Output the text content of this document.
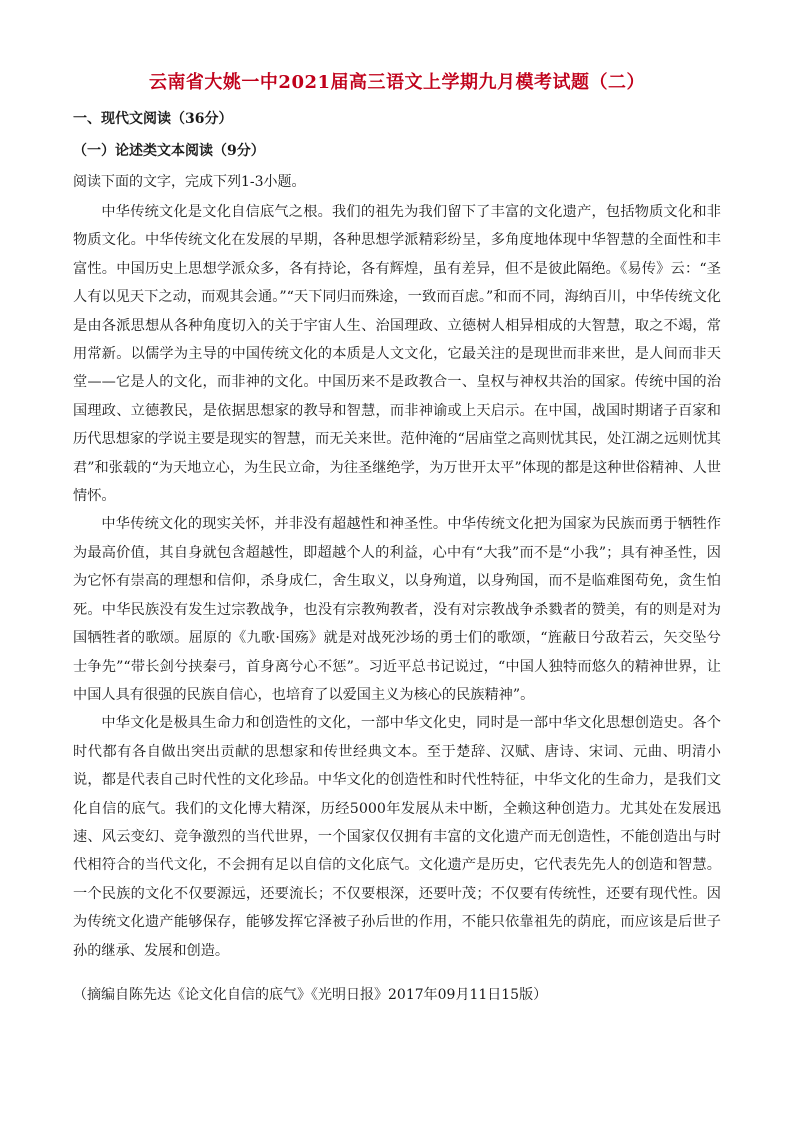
云南省大姚一中2021届高三语文上学期九月模考试题（二）
一、现代文阅读（36分）
（一）论述类文本阅读（9分）
阅读下面的文字，完成下列1-3小题。

中华传统文化是文化自信底气之根。我们的祖先为我们留下了丰富的文化遗产，包括物质文化和非物质文化。中华传统文化在发展的早期，各种思想学派精彩纷呈，多角度地体现中华智慧的全面性和丰富性。中国历史上思想学派众多，各有持论，各有辉煌，虽有差异，但不是彼此隔绝。《易传》云：“圣人有以见天下之动，而观其会通。”“天下同归而殊途，一致而百虑。”和而不同，海纳百川，中华传统文化是由各派思想从各种角度切入的关于宇宙人生、治国理政、立德树人相异相成的大智慧，取之不竭，常用常新。以儒学为主导的中国传统文化的本质是人文文化，它最关注的是现世而非来世，是人间而非天堂——它是人的文化，而非神的文化。中国历来不是政教合一、皇权与神权共治的国家。传统中国的治国理政、立德教民，是依据思想家的教导和智慧，而非神谕或上天启示。在中国，战国时期诸子百家和历代思想家的学说主要是现实的智慧，而无关来世。范仲淹的“居庙堂之高则忧其民，处江湖之远则忧其君”和张载的“为天地立心，为生民立命，为往圣继绝学，为万世开太平”体现的都是这种世俗精神、人世情怀。

中华传统文化的现实关怀，并非没有超越性和神圣性。中华传统文化把为国家为民族而勇于牺牲作为最高价值，其自身就包含超越性，即超越个人的利益，心中有“大我”而不是“小我”；具有神圣性，因为它怀有崇高的理想和信仰，杀身成仁，舍生取义，以身殉道，以身殉国，而不是临难图苟免，贪生怕死。中华民族没有发生过宗教战争，也没有宗教殉教者，没有对宗教战争杀戮者的赞美，有的则是对为国牺牲者的歌颂。屈原的《九歌·国殇》就是对战死沙场的勇士们的歌颂，“旌蔽日兮敌若云，矢交坠兮士争先”“带长剑兮挟秦弓，首身离兮心不惩”。习近平总书记说过，“中国人独特而悠久的精神世界，让中国人具有很强的民族自信心，也培育了以爱国主义为核心的民族精神”。

中华文化是极具生命力和创造性的文化，一部中华文化史，同时是一部中华文化思想创造史。各个时代都有各自做出突出贡献的思想家和传世经典文本。至于楚辞、汉赋、唐诗、宋词、元曲、明清小说，都是代表自己时代性的文化珍品。中华文化的创造性和时代性特征，中华文化的生命力，是我们文化自信的底气。我们的文化博大精深，历经5000年发展从未中断，全赖这种创造力。尤其处在发展迅速、风云变幻、竞争激烈的当代世界，一个国家仅仅拥有丰富的文化遗产而无创造性，不能创造出与时代相符合的当代文化，不会拥有足以自信的文化底气。文化遗产是历史，它代表先先人的创造和智慧。一个民族的文化不仅要源远，还要流长；不仅要根深，还要叶茂；不仅要有传统性，还要有现代性。因为传统文化遗产能够保存，能够发挥它泽被子孙后世的作用，不能只依靠祖先的荫庇，而应该是后世子孙的继承、发展和创造。

（摘编自陈先达《论文化自信的底气》《光明日报》2017年09月11日15版）
